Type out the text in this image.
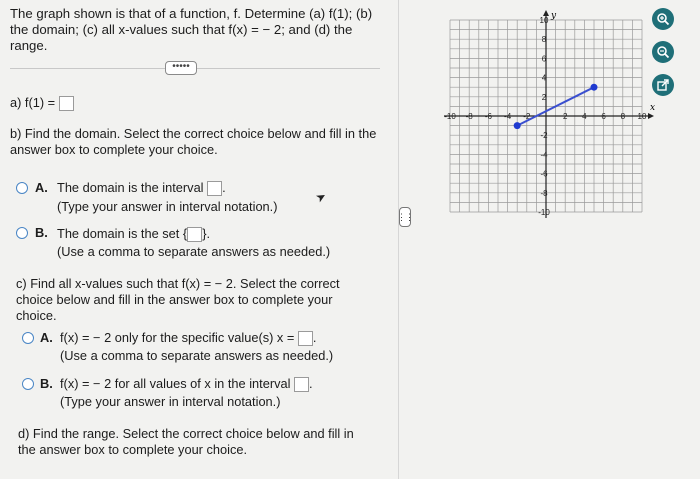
The graph shown is that of a function, f. Determine (a) f(1); (b) the domain; (c) all x-values such that f(x) = − 2; and (d) the range.
•••••
a) f(1) =
b) Find the domain. Select the correct choice below and fill in the answer box to complete your choice.
A. The domain is the interval .
(Type your answer in interval notation.)
B. The domain is the set { }.
(Use a comma to separate answers as needed.)
c) Find all x-values such that f(x) = − 2. Select the correct choice below and fill in the answer box to complete your choice.
A. f(x) = − 2 only for the specific value(s) x = .
(Use a comma to separate answers as needed.)
B. f(x) = − 2 for all values of x in the interval .
(Type your answer in interval notation.)
d) Find the range. Select the correct choice below and fill in the answer box to complete your choice.
➤
⋮⋮
-10 -8 -6 -4 -2	2 4 6 8 10
10
8
6
4
2
-2
-4
-6
-8
-10
x
y
